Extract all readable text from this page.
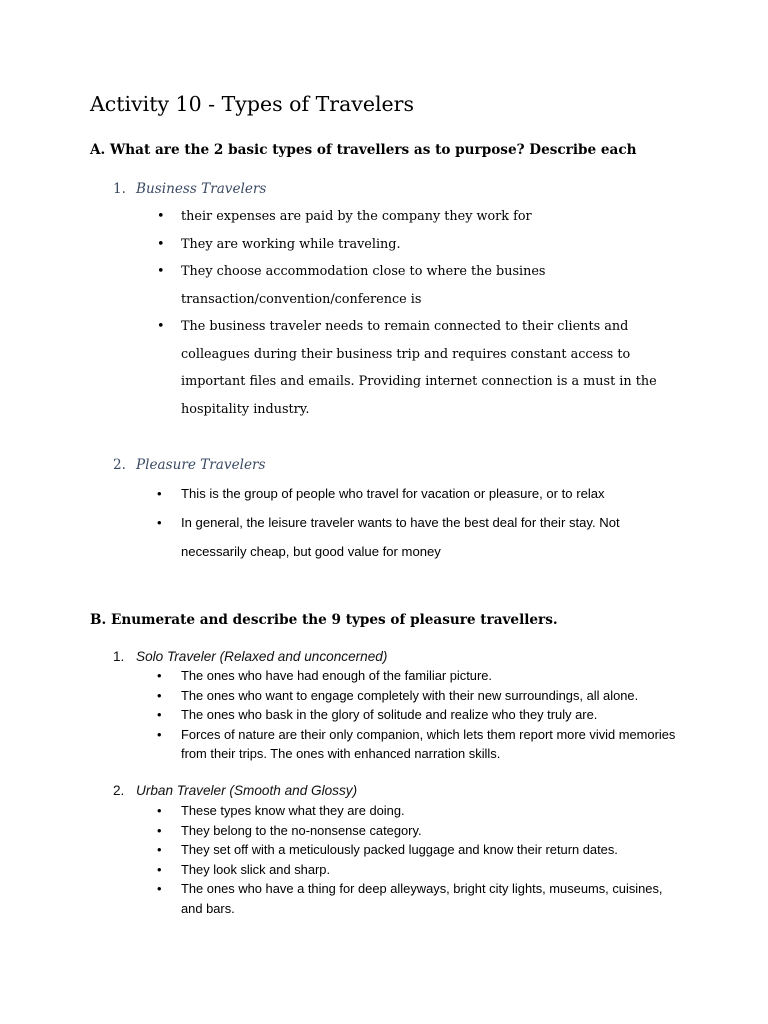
Activity 10 - Types of Travelers
A. What are the 2 basic types of travellers as to purpose? Describe each
1. Business Travelers
• their expenses are paid by the company they work for
• They are working while traveling.
• They choose accommodation close to where the busines transaction/convention/conference is
• The business traveler needs to remain connected to their clients and colleagues during their business trip and requires constant access to important files and emails. Providing internet connection is a must in the hospitality industry.
2. Pleasure Travelers
• This is the group of people who travel for vacation or pleasure, or to relax
• In general, the leisure traveler wants to have the best deal for their stay. Not necessarily cheap, but good value for money
B. Enumerate and describe the 9 types of pleasure travellers.
1. Solo Traveler (Relaxed and unconcerned)
• The ones who have had enough of the familiar picture.
• The ones who want to engage completely with their new surroundings, all alone.
• The ones who bask in the glory of solitude and realize who they truly are.
• Forces of nature are their only companion, which lets them report more vivid memories from their trips. The ones with enhanced narration skills.
2. Urban Traveler (Smooth and Glossy)
• These types know what they are doing.
• They belong to the no-nonsense category.
• They set off with a meticulously packed luggage and know their return dates.
• They look slick and sharp.
• The ones who have a thing for deep alleyways, bright city lights, museums, cuisines, and bars.
